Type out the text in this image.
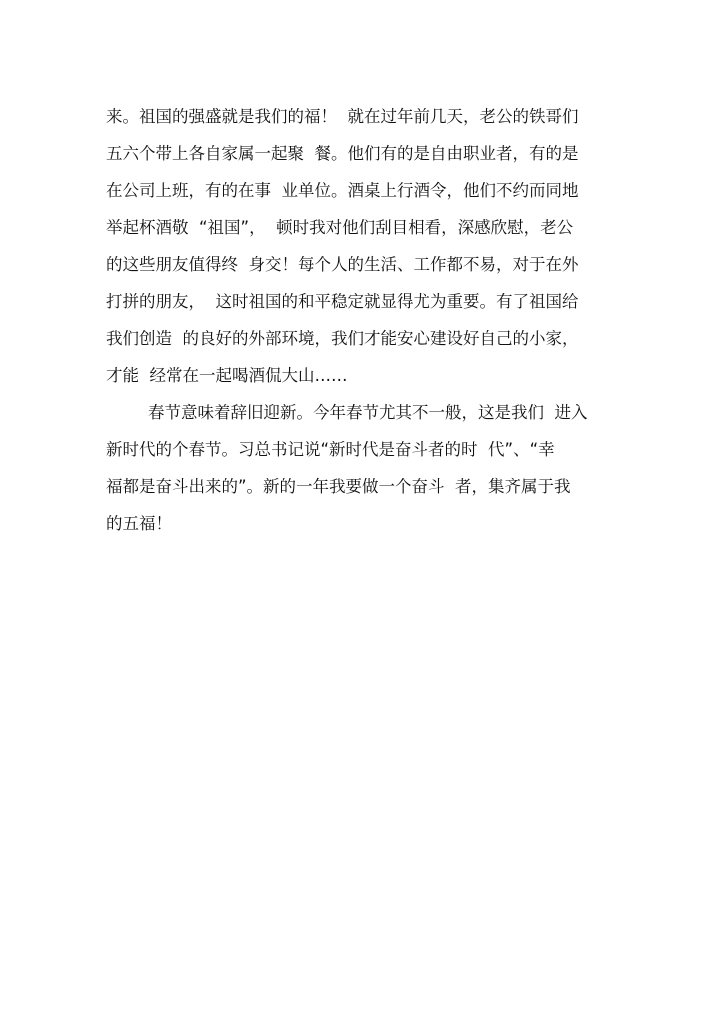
来。祖国的强盛就是我们的福！  就在过年前几天，老公的铁哥们
五六个带上各自家属一起聚  餐。他们有的是自由职业者，有的是
在公司上班，有的在事  业单位。酒桌上行酒令，他们不约而同地
举起杯酒敬  “祖国”，  顿时我对他们刮目相看，深感欣慰，老公
的这些朋友值得终  身交！每个人的生活、工作都不易，对于在外
打拼的朋友，  这时祖国的和平稳定就显得尤为重要。有了祖国给
我们创造  的良好的外部环境，我们才能安心建设好自己的小家，
才能  经常在一起喝酒侃大山……
春节意味着辞旧迎新。今年春节尤其不一般，这是我们  进入
新时代的个春节。习总书记说“新时代是奋斗者的时  代”、“幸
福都是奋斗出来的”。新的一年我要做一个奋斗  者，集齐属于我
的五福！
